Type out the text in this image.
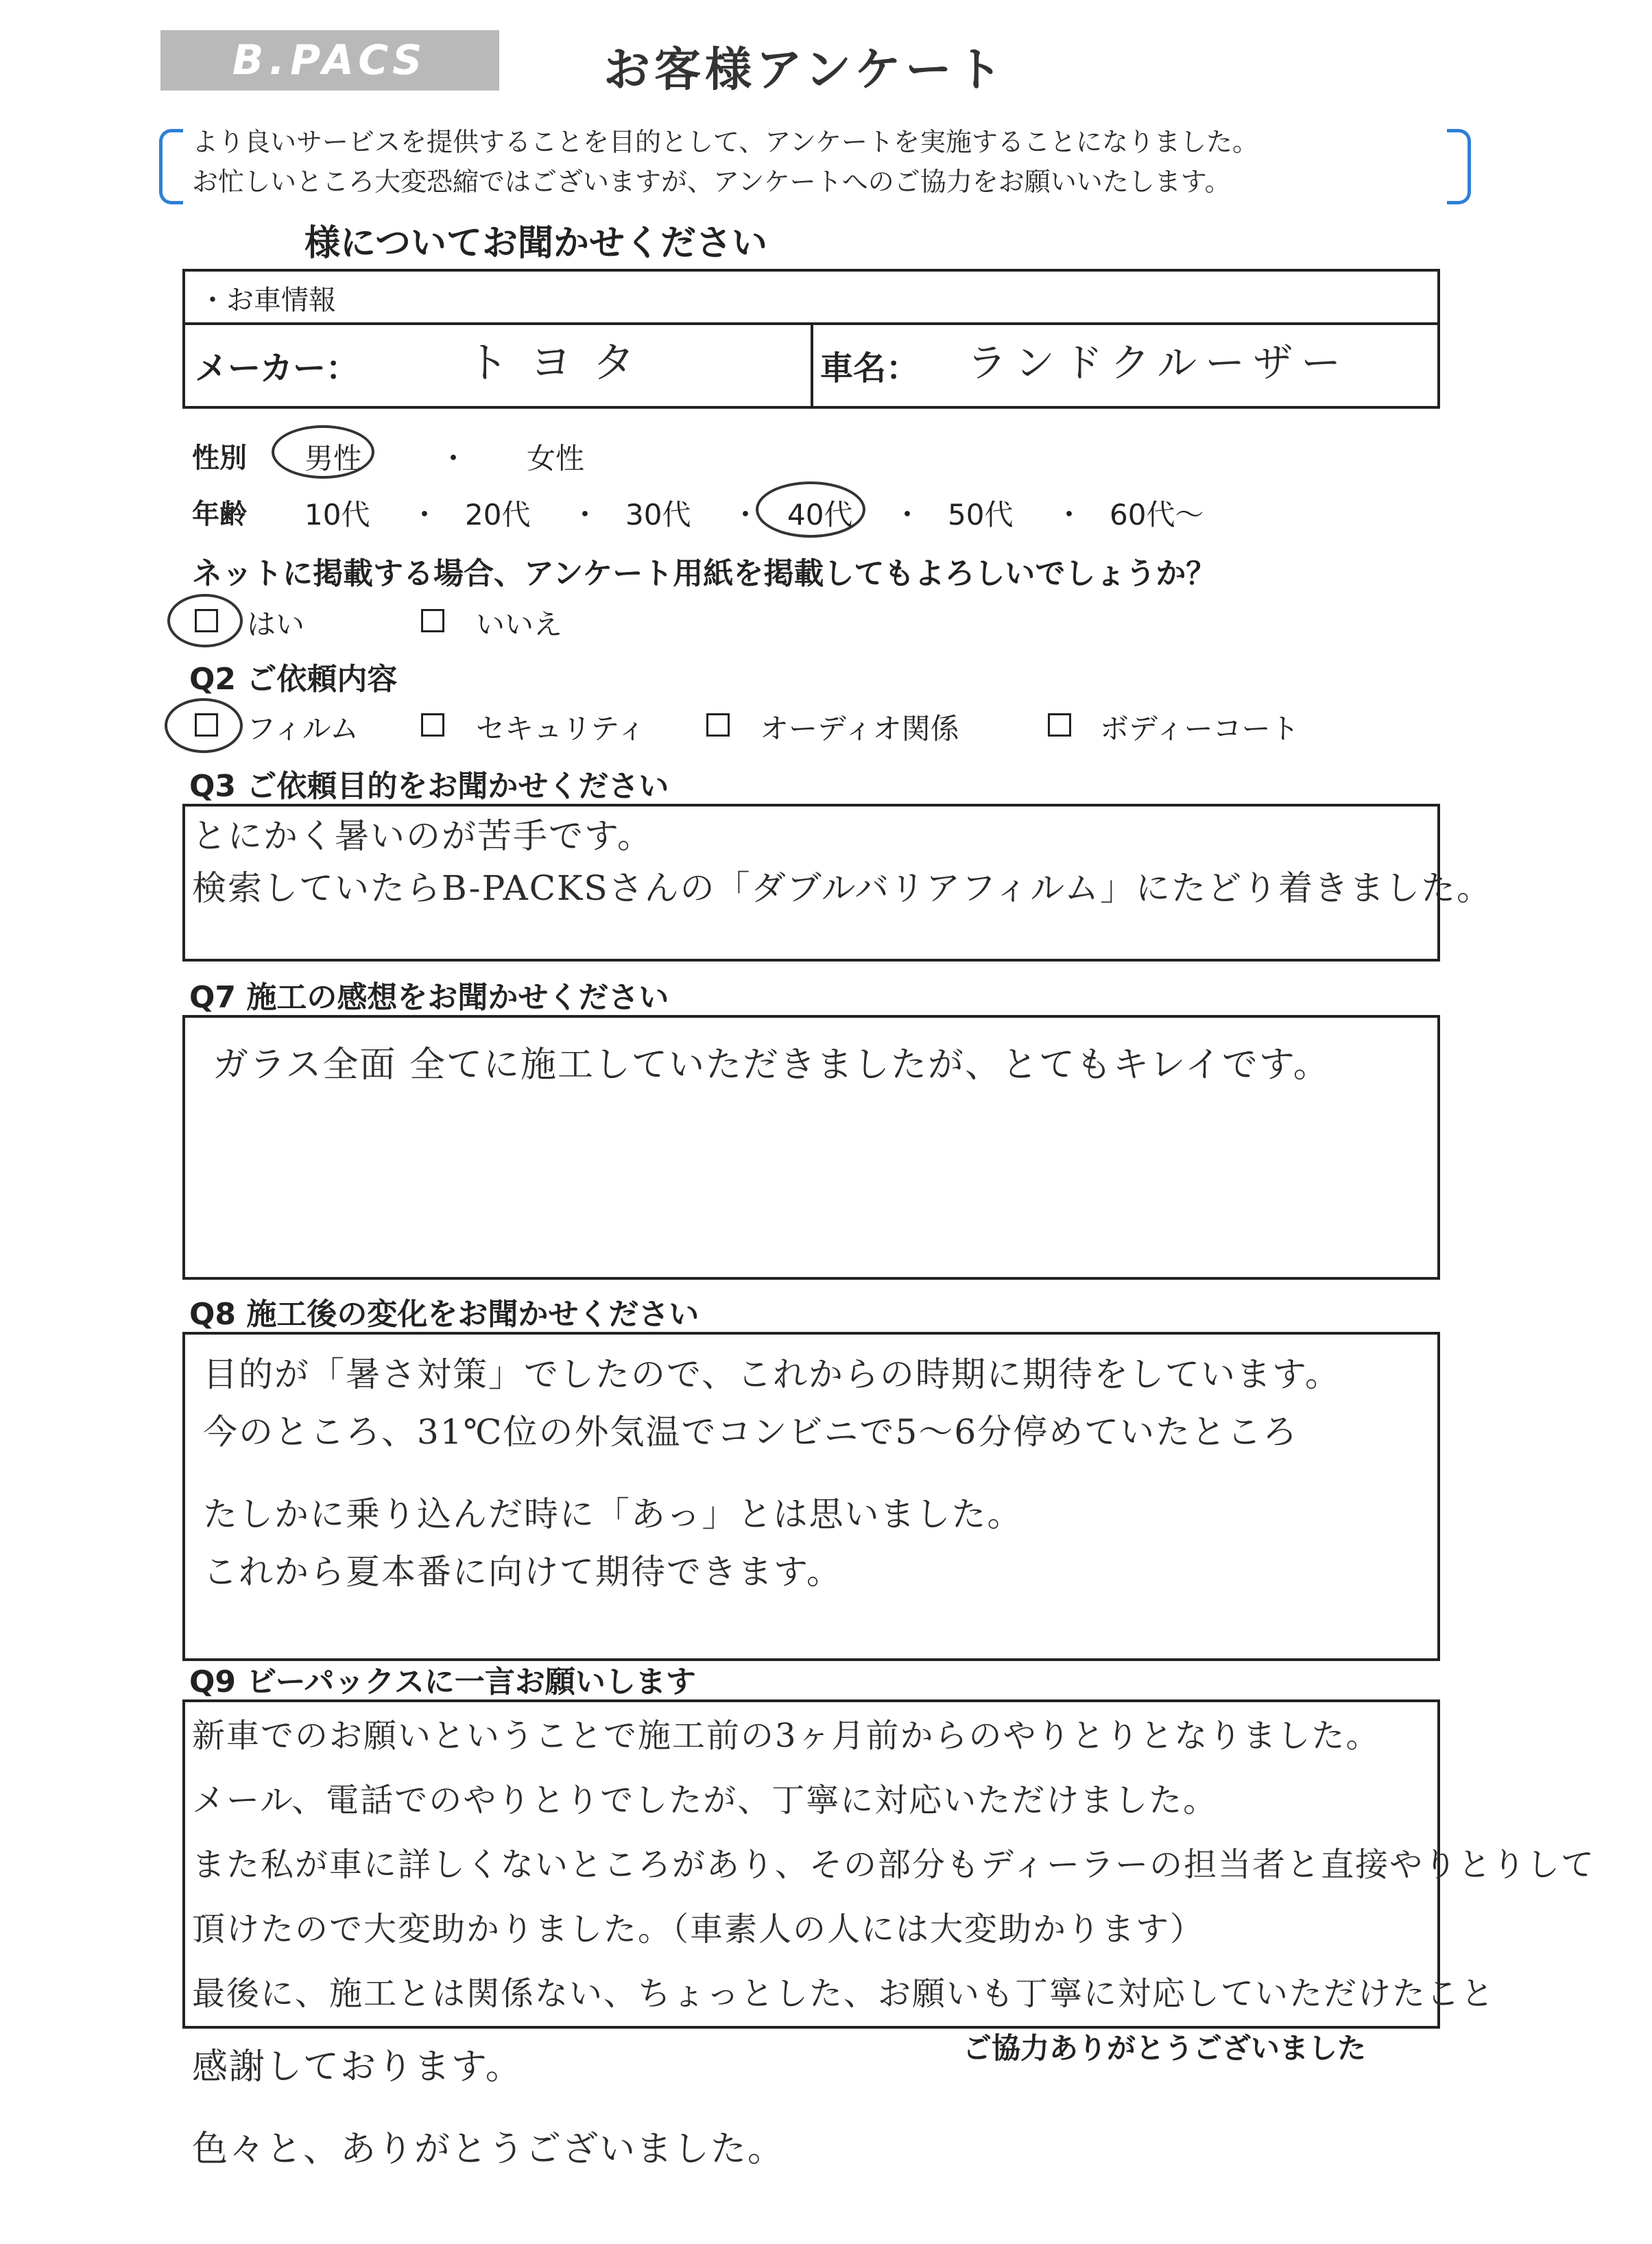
B.PACS	お客様アンケート
より良いサービスを提供することを目的として、アンケートを実施することになりました。
お忙しいところ大変恐縮ではございますが、アンケートへのご協力をお願いいたします。
様についてお聞かせください
・お車情報
メーカー：	トヨタ	車名： ランドクルーザー
性別 男性	・ 女性
年齢 10代 ・ 20代 ・ 30代 ・ 40代 ・ 50代 ・ 60代〜
ネットに掲載する場合、アンケート用紙を掲載してもよろしいでしょうか？
はい	いいえ
Q2 ご依頼内容
フィルム	セキュリティ	オーディオ関係	ボディーコート
Q3 ご依頼目的をお聞かせください
とにかく暑いのが苦手です。
検索していたらB-PACKSさんの「ダブルバリアフィルム」にたどり着きました。
Q7 施工の感想をお聞かせください
ガラス全面 全てに施工していただきましたが、とてもキレイです。
Q8 施工後の変化をお聞かせください
目的が「暑さ対策」でしたので、これからの時期に期待をしています。
今のところ、31℃位の外気温でコンビニで5〜6分停めていたところ
たしかに乗り込んだ時に「あっ」とは思いました。
これから夏本番に向けて期待できます。
Q9 ビーパックスに一言お願いします
新車でのお願いということで施工前の3ヶ月前からのやりとりとなりました。
メール、電話でのやりとりでしたが、丁寧に対応いただけました。
また私が車に詳しくないところがあり、その部分もディーラーの担当者と直接やりとりして
頂けたので大変助かりました。（車素人の人には大変助かります）
最後に、施工とは関係ない、ちょっとした、お願いも丁寧に対応していただけたこと
ご協力ありがとうございました
感謝しております。
色々と、ありがとうございました。
